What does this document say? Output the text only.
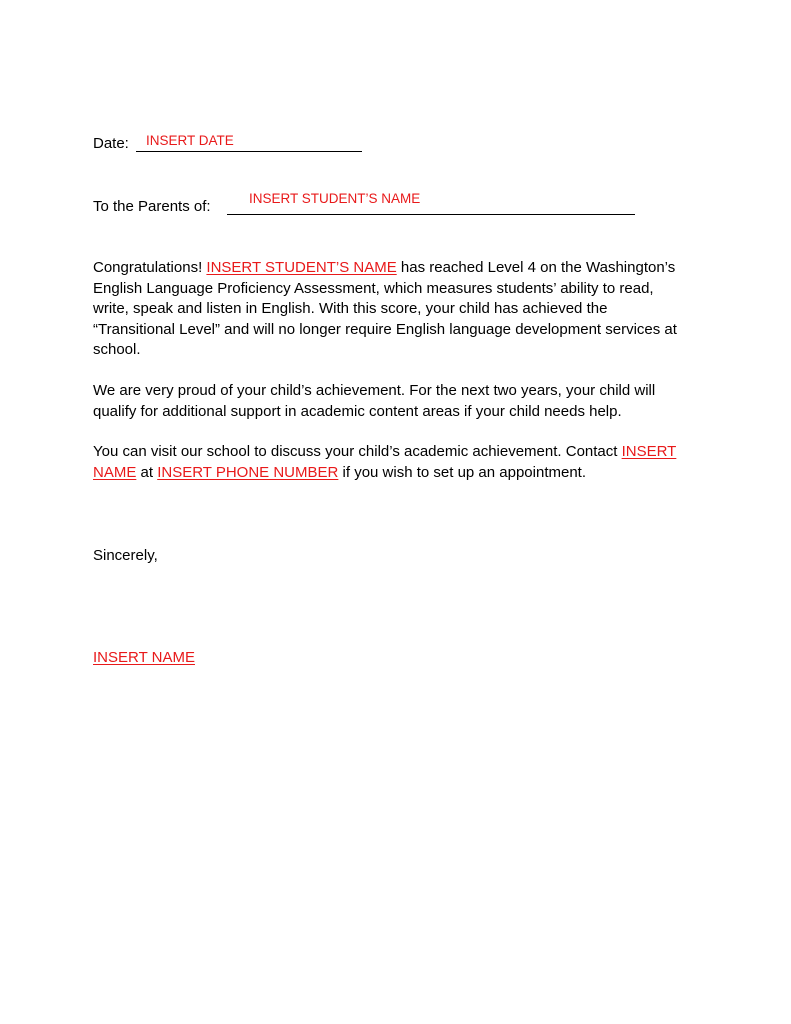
INSERT DATE
Date:
INSERT STUDENT’S NAME
To the Parents of:
Congratulations! INSERT STUDENT’S NAME has reached Level 4 on the Washington’s
English Language Proficiency Assessment, which measures students’ ability to read,
write, speak and listen in English. With this score, your child has achieved the
“Transitional Level” and will no longer require English language development services at
school.
We are very proud of your child’s achievement. For the next two years, your child will
qualify for additional support in academic content areas if your child needs help.
You can visit our school to discuss your child’s academic achievement. Contact INSERT
NAME at INSERT PHONE NUMBER if you wish to set up an appointment.
Sincerely,
INSERT NAME
